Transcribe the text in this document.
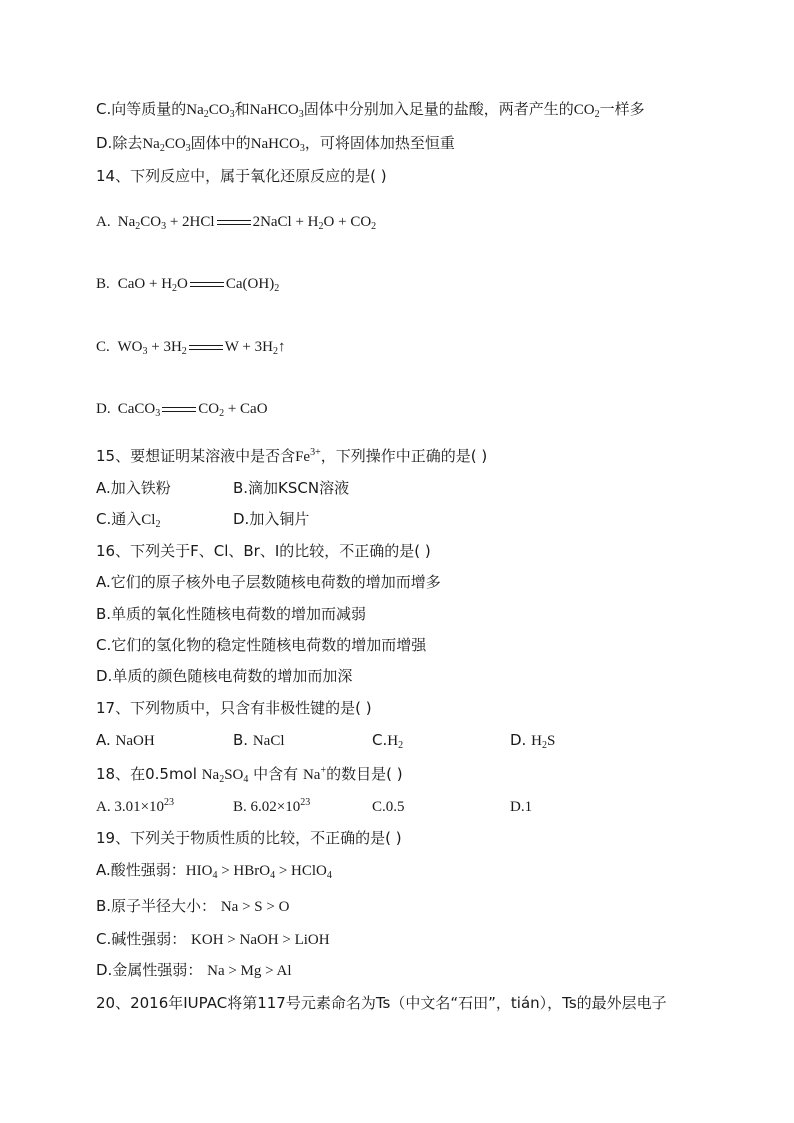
C.向等质量的$Na_2CO_3$和NaHCO$_3$固体中分别加入足量的盐酸，两者产生的$CO_2$一样多
D.除去$Na_2CO_3$固体中的NaHCO$_3$，可将固体加热至恒重
14、下列反应中，属于氧化还原反应的是( )
A. $Na_2CO_3 + 2HCl$	2NaCl + $H_2O + CO_2$
B. CaO + $H_2O$	$Ca(OH)_2$
C. $WO_3 + 3H_2$	$W + 3H_2↑$
D. CaCO$_3$	$CO_2$ + CaO
15、要想证明某溶液中是否含$Fe^{3+}$，下列操作中正确的是( )
A.加入铁粉	B.滴加KSCN溶液
C.通入$Cl_2$	D.加入铜片
16、下列关于F、Cl、Br、I的比较，不正确的是( )
A.它们的原子核外电子层数随核电荷数的增加而增多
B.单质的氧化性随核电荷数的增加而减弱
C.它们的氢化物的稳定性随核电荷数的增加而增强
D.单质的颜色随核电荷数的增加而加深
17、下列物质中，只含有非极性键的是( )
A. NaOH	B. NaCl	$C.H_2$	D. $H_2S$
18、在0.5mol $Na_2SO_4$ 中含有 Na+的数目是( )
A. $3.01\times 10^{23}$	B. $6.02\times 10^{23}$	C.0.5	D.1
19、下列关于物质性质的比较，不正确的是( )
A.酸性强弱：$HIO_4$ > HBrO$_4$ > HClO$_4$
B.原子半径大小： Na > S > O
C.碱性强弱： KOH > NaOH > LiOH
D.金属性强弱： Na > Mg > Al
20、2016年IUPAC将第117号元素命名为Ts（中文名“石田”，tián），Ts的最外层电子
